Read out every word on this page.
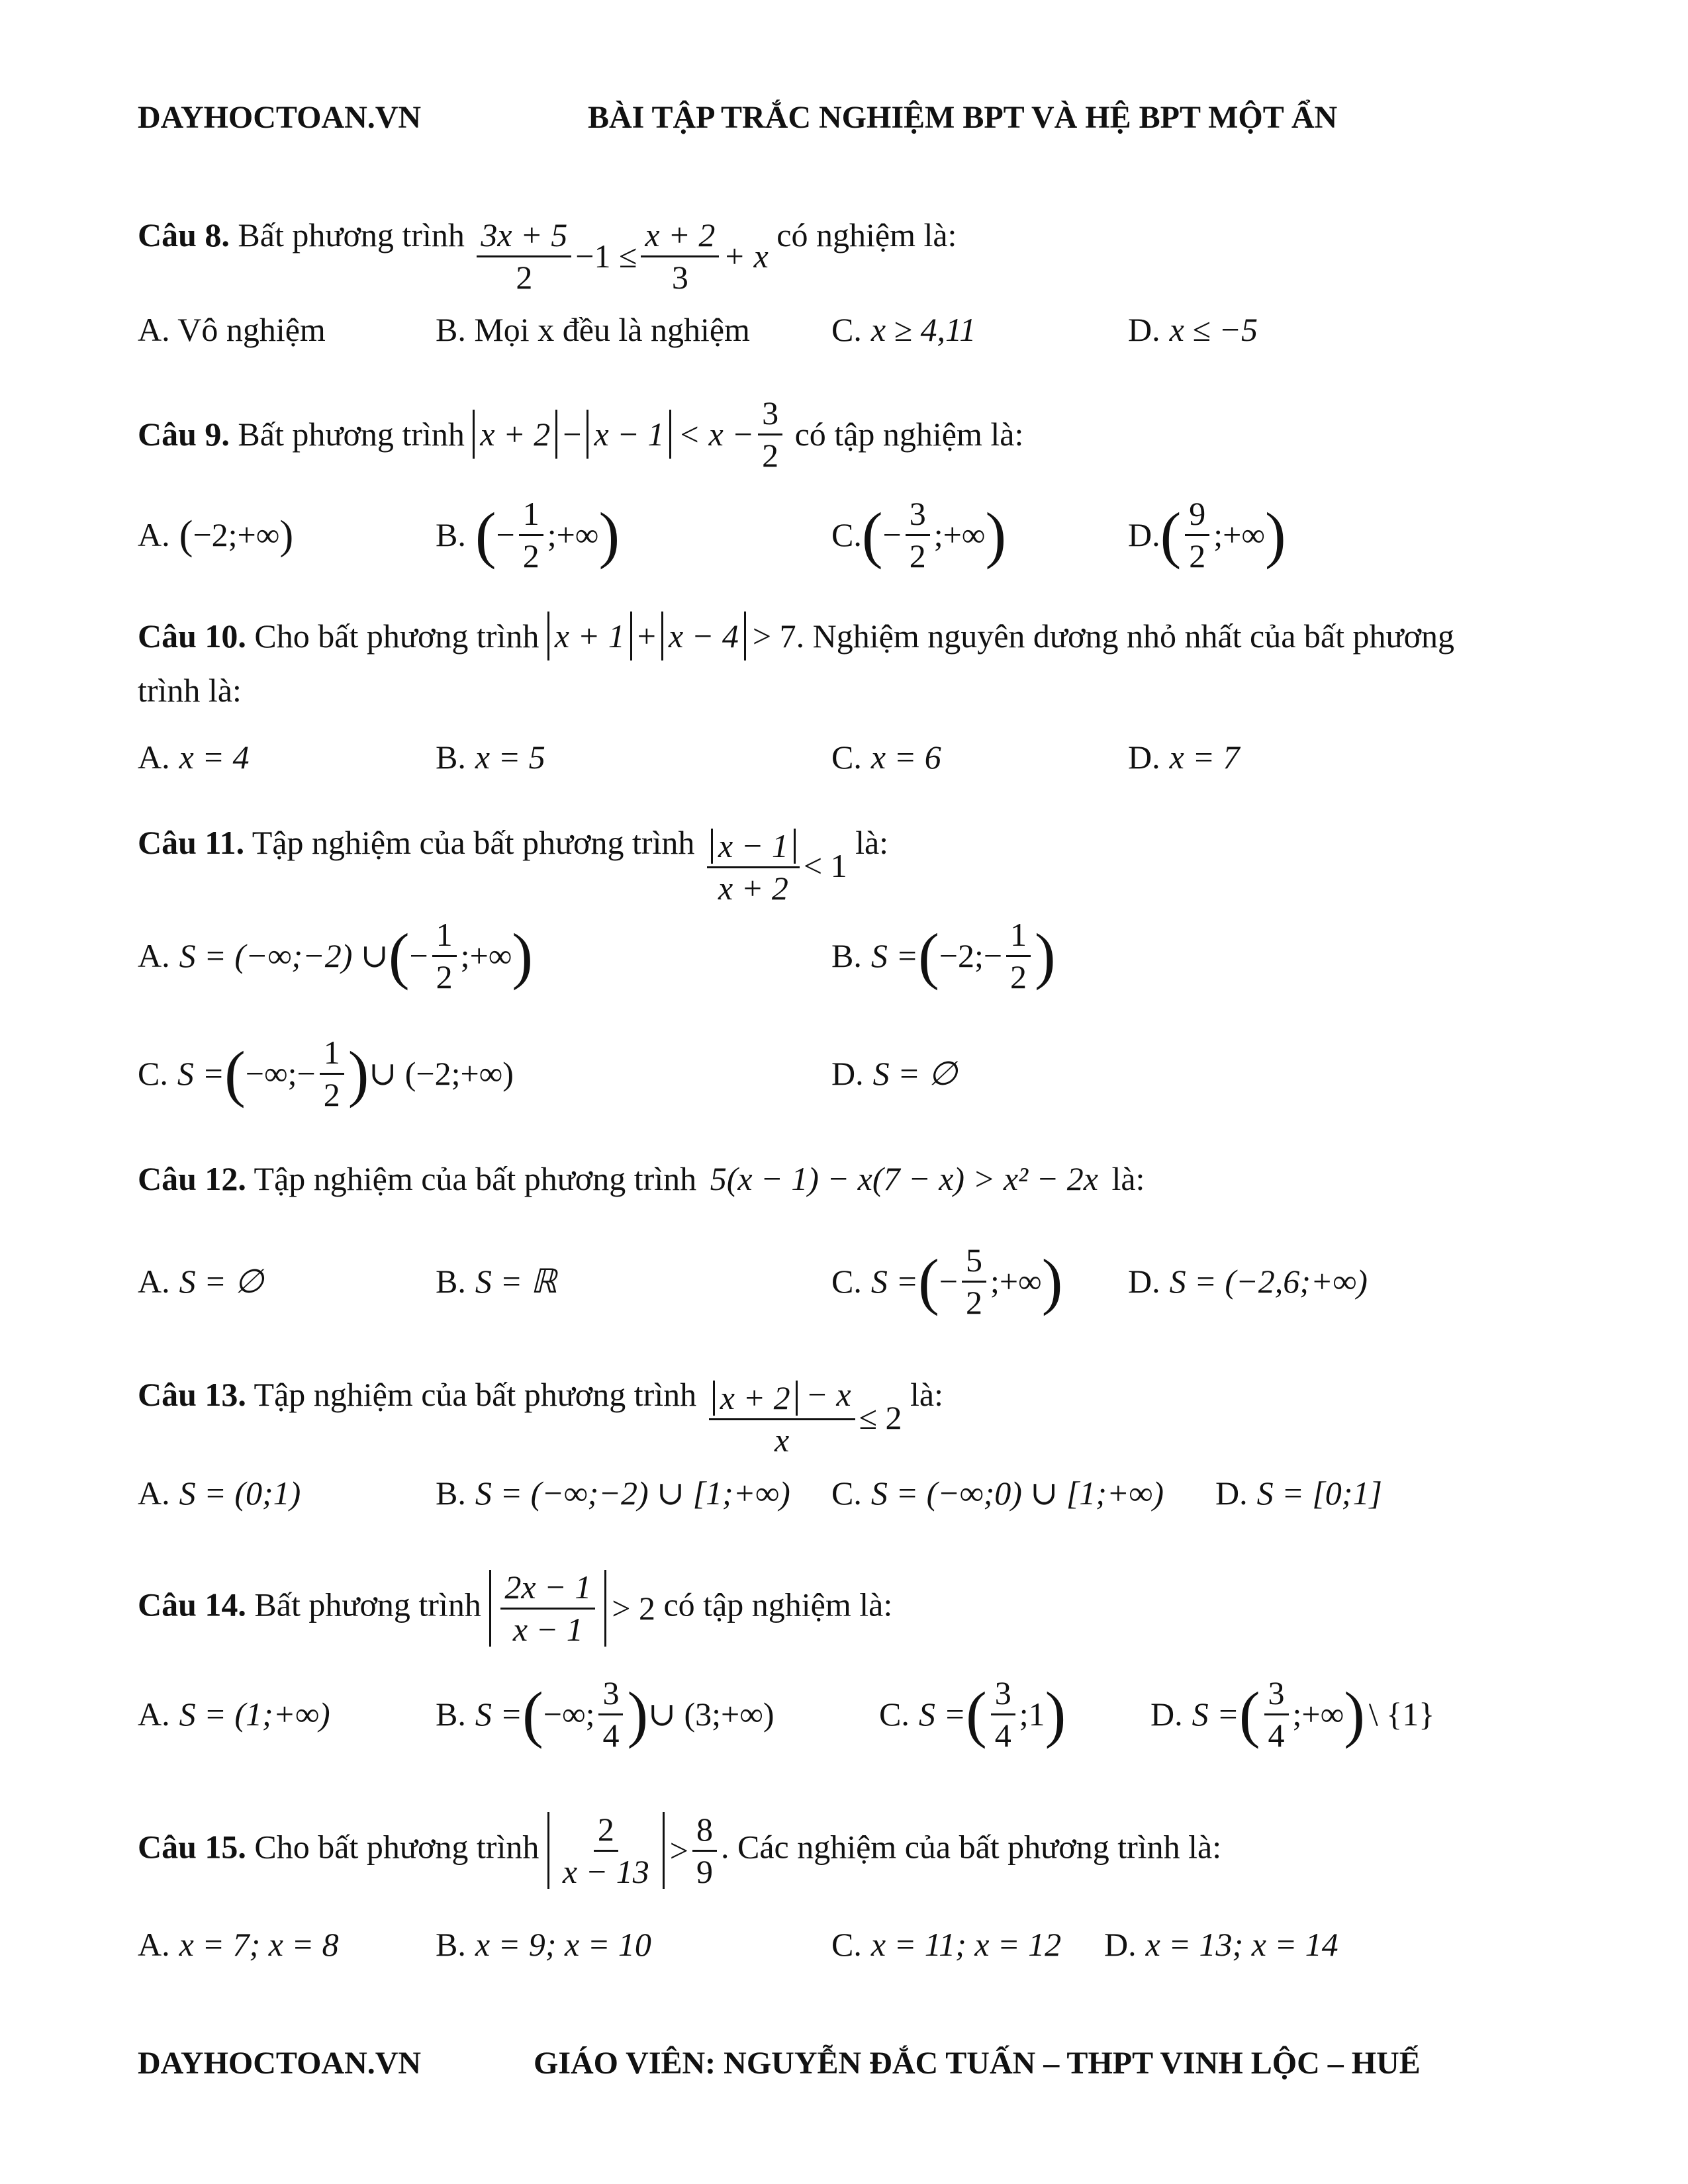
DAYHOCTOAN.VN	BÀI TẬP TRẮC NGHIỆM BPT VÀ HỆ BPT MỘT ẨN
Câu 8. Bất phương trình $\frac{3x + 5}{2} -1 \le \frac{x + 2}{3} + x$
có nghiệm là:
A. Vô nghiệm	B. Mọi x đều là nghiệm C. x ≥ 4,11	D. x ≤ −5
Câu 9. Bất phương trình $x + 2 - x - 1 < x - \frac{3}{2}$ có tập nghiệm là:
A. ( −2;+∞ )	B. ( − $\frac{1}{2}$ ;+∞ )	C. ( − $\frac{3}{2}$ ;+∞ )	D. ( $\frac{9}{2}$ ;+∞ )
Câu 10. Cho bất phương trình x + 1 + x − 4 > 7. Nghiệm nguyên dương nhỏ nhất của bất phương
trình là:
A. x = 4	B. x = 5	C. x = 6	D. x = 7
Câu 11. Tập nghiệm của bất phương trình $\frac{x - 1}{x + 2} < 1$
là:
A. S = (−∞;−2) ∪ ( − $\frac{1}{2}$ ;+∞ )	B. S = ( −2;− $\frac{1}{2}$ )
C. S = ( −∞;− $\frac{1}{2}$ ) ∪ (−2;+∞)	D. S = ∅
Câu 12. Tập nghiệm của bất phương trình 5(x − 1) − x(7 − x) > x² − 2x là:
A. S = ∅	B. S = ℝ	C. S = ( − $\frac{5}{2}$ ;+∞ ) D. S = (−2,6;+∞)
Câu 13. Tập nghiệm của bất phương trình $\frac{x + 2 - x}{x} \le 2$
là:
A. S = (0;1)	B. S = (−∞;−2) ∪ [1;+∞) C. S = (−∞;0) ∪ [1;+∞) D. S = [0;1]
Câu 14. Bất phương trình $\frac{2x - 1}{x - 1} > 2$ có tập nghiệm là:
A. S = (1;+∞)	B. S = ( −∞; $\frac{3}{4}$ ) ∪ (3;+∞)	C. S = ( $\frac{3}{4}$ ;1 )	D. S = ( $\frac{3}{4}$ ;+∞ ) \ {1}
Câu 15. Cho bất phương trình $\frac{2}{x - 13} > \frac{8}{9}$ . Các nghiệm của bất phương trình là:
A. x = 7; x = 8	B. x = 9; x = 10	C. x = 11; x = 12 D. x = 13; x = 14
DAYHOCTOAN.VN	GIÁO VIÊN: NGUYỄN ĐẮC TUẤN – THPT VINH LỘC – HUẾ
